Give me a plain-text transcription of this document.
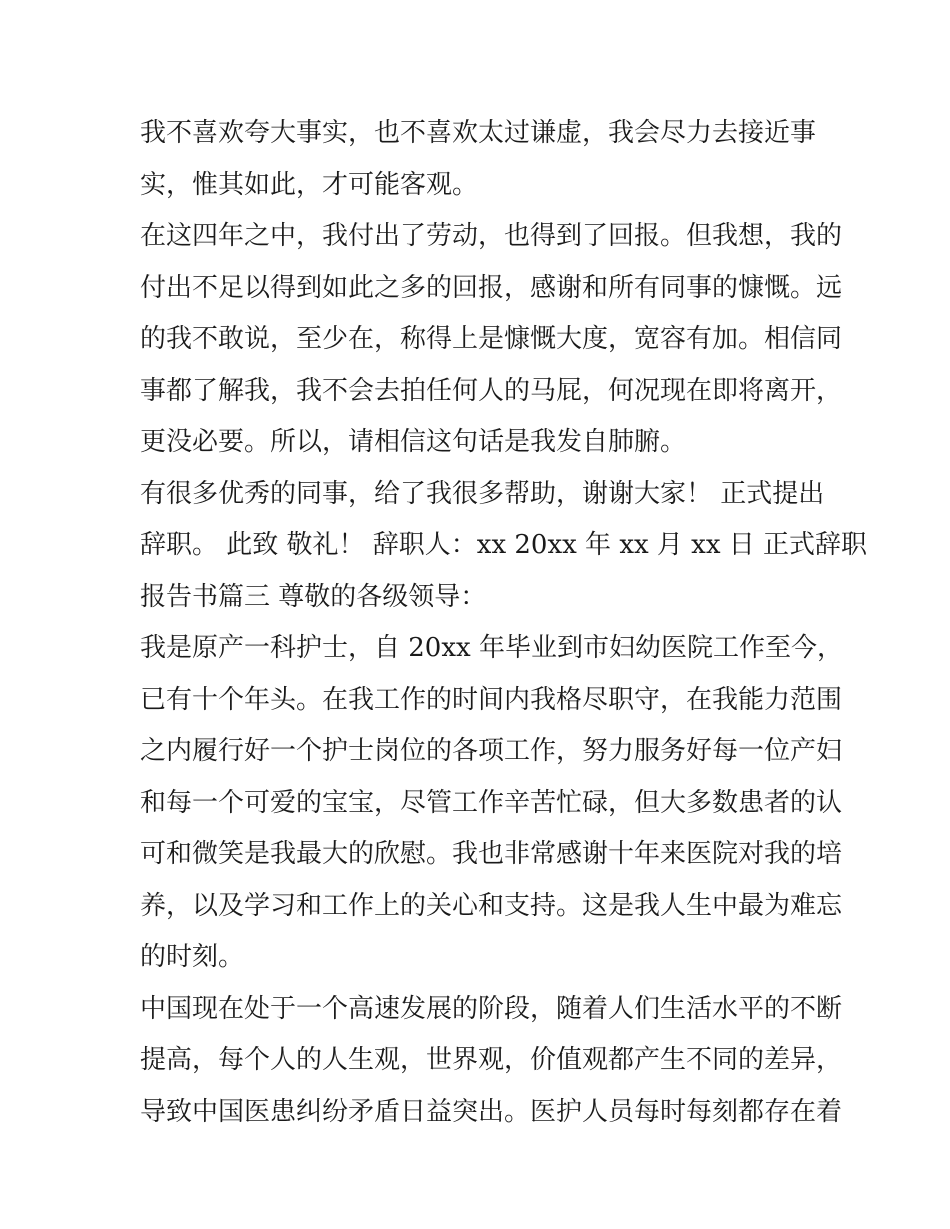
我不喜欢夸大事实，也不喜欢太过谦虚，我会尽力去接近事
实，惟其如此，才可能客观。
在这四年之中，我付出了劳动，也得到了回报。但我想，我的
付出不足以得到如此之多的回报，感谢和所有同事的慷慨。远
的我不敢说，至少在，称得上是慷慨大度，宽容有加。相信同
事都了解我，我不会去拍任何人的马屁，何况现在即将离开，
更没必要。所以，请相信这句话是我发自肺腑。
有很多优秀的同事，给了我很多帮助，谢谢大家！ 正式提出
辞职。 此致 敬礼！ 辞职人：xx 20xx 年 xx 月 xx 日 正式辞职
报告书篇三 尊敬的各级领导：
我是原产一科护士，自 20xx 年毕业到市妇幼医院工作至今，
已有十个年头。在我工作的时间内我格尽职守，在我能力范围
之内履行好一个护士岗位的各项工作，努力服务好每一位产妇
和每一个可爱的宝宝，尽管工作辛苦忙碌，但大多数患者的认
可和微笑是我最大的欣慰。我也非常感谢十年来医院对我的培
养，以及学习和工作上的关心和支持。这是我人生中最为难忘
的时刻。
中国现在处于一个高速发展的阶段，随着人们生活水平的不断
提高，每个人的人生观，世界观，价值观都产生不同的差异，
导致中国医患纠纷矛盾日益突出。医护人员每时每刻都存在着
